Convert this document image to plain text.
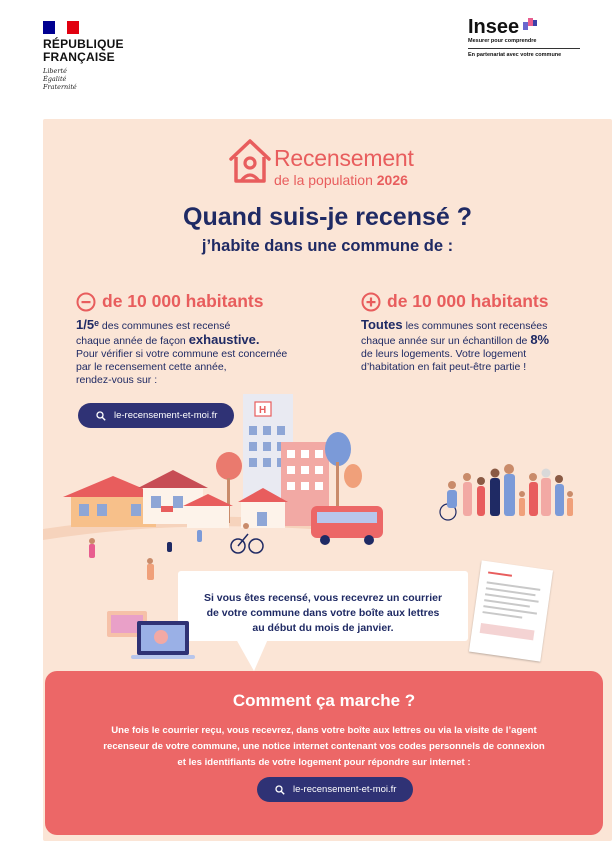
RÉPUBLIQUE
FRANÇAISE
Liberté
Égalité
Fraternité
Insee
Mesurer pour comprendre
En partenariat avec votre commune
Recensement
de la population 2026
Quand suis-je recensé ?
j’habite dans une commune de :
de 10 000 habitants
1/5ᵉ des communes est recensé
chaque année de façon exhaustive.
Pour vérifier si votre commune est concernée
par le recensement cette année,
rendez-vous sur :
de 10 000 habitants
Toutes les communes sont recensées
chaque année sur un échantillon de 8%
de leurs logements. Votre logement
d’habitation en fait peut-être partie !
le-recensement-et-moi.fr	H
Si vous êtes recensé, vous recevrez un courrier
de votre commune dans votre boîte aux lettres
au début du mois de janvier.
Comment ça marche ?
Une fois le courrier reçu, vous recevrez, dans votre boîte aux lettres ou via la visite de l’agent
recenseur de votre commune, une notice internet contenant vos codes personnels de connexion
et les identifiants de votre logement pour répondre sur internet :
le-recensement-et-moi.fr
